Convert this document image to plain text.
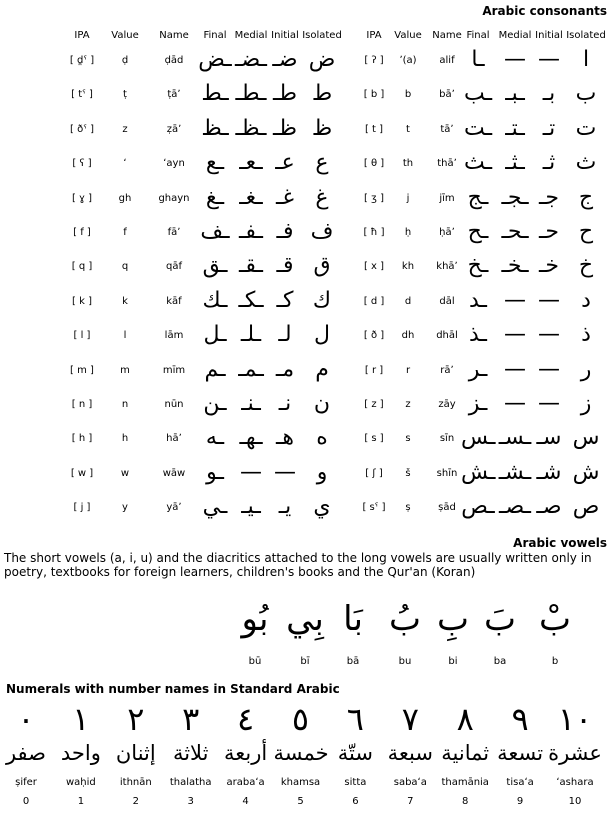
Arabic consonants
IPA	Value	Name	Final Medial Initial Isolated
[ d̪ˤ ]	ḍ	ḍād ـض ـضـ ضـ ض
[ tˤ ]	ṭ	ṭāʼ ـط ـطـ طـ ط
[ ðˤ ]	z	ẓāʼ ـظ ـظـ ظـ ظ
[ ʕ ]	ʻ	ʻayn ـع ـعـ عـ ع
[ ɣ ]	gh	ghayn ـغ ـغـ غـ غ
[ f ]	f	fāʼ ـف ـفـ فـ ف
[ q ]	q	qāf ـق ـقـ قـ ق
[ k ]	k	kāf ـك ـكـ كـ ك
[ l ]	l	lām ـل ـلـ لـ	ل
[ m ]	m	mīm ـم ـمـ مـ م
[ n ]	n	nūn ـن ـنـ نـ	ن
[ h ]	h	hāʼ	ـه ـهـ هـ	ه
[ w ]	w	wāw ـو — — و
[ j ]	y	yāʼ ـي ـيـ يـ	ي
IPA	Value	Name Final Medial Initial Isolated
[ ʔ ]	ʼ(a)	alif ـا — —	ا
[ b ]	b	bāʼ ـب ـبـ بـ ب
[ t ]	t	tāʼ ـت ـتـ تـ ت
[ θ ]	th	thāʼ ـث ـثـ ثـ ث
[ ʒ ]	j	jīm ـج ـجـ جـ ج
[ ħ ]	ḥ	ḥāʼ ـح ـحـ حـ ح
[ x ]	kh	khāʼ ـخ ـخـ خـ خ
[ d ]	d	dāl ـد — — د
[ ð ]	dh	dhāl ـذ — — ذ
[ r ]	r	rāʼ ـر — — ر
[ z ]	z	zāy ـز — — ز
[ s ]	s	sīn ـس ـسـ سـ س
[ ʃ ]	š	shīn ـش ـشـ شـ ش
[ sˤ ]	ṣ	ṣād ـص ـصـ صـ ص
Arabic vowels
The short vowels (a, i, u) and the diacritics attached to the long vowels are usually written only in poetry, textbooks for foreign learners, children's books and the Qur'an (Koran)
بُو
bū
بِي
bī
بَا
bā
بُ
bu
بِ
bi
بَ
ba
بْ
b
Numerals with number names in Standard Arabic
٠
صفر
ṣifer
0
١
واحد
waḥid
1
٢
إثنان
ithnān
2
٣
ثلاثة
thalatha
3
٤
أربعة
arabaʻa
4
٥
خمسة
khamsa
5
٦
ستّة
sitta
6
٧
سبعة
sabaʻa
7
٨
ثمانية
thamānia
8
٩
تسعة
tisaʻa
9
١٠
عشرة
ʻashara
10
